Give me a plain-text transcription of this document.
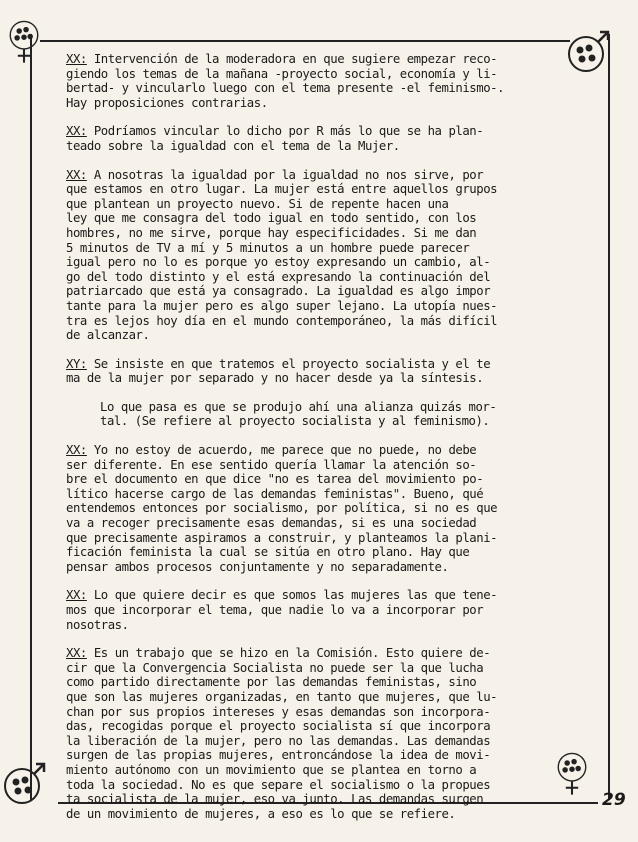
XX: Intervención de la moderadora en que sugiere empezar reco-
giendo los temas de la mañana -proyecto social, economía y li-
bertad- y vincularlo luego con el tema presente -el feminismo-.
Hay proposiciones contrarias.
XX: Podríamos vincular lo dicho por R más lo que se ha plan-
teado sobre la igualdad con el tema de la Mujer.
XX: A nosotras la igualdad por la igualdad no nos sirve, por
que estamos en otro lugar. La mujer está entre aquellos grupos
que plantean un proyecto nuevo. Si de repente hacen una
ley que me consagra del todo igual en todo sentido, con los
hombres, no me sirve, porque hay especificidades. Si me dan
5 minutos de TV a mí y 5 minutos a un hombre puede parecer
igual pero no lo es porque yo estoy expresando un cambio, al-
go del todo distinto y el está expresando la continuación del
patriarcado que está ya consagrado. La igualdad es algo impor
tante para la mujer pero es algo super lejano. La utopía nues-
tra es lejos hoy día en el mundo contemporáneo, la más difícil
de alcanzar.
XY: Se insiste en que tratemos el proyecto socialista y el te
ma de la mujer por separado y no hacer desde ya la síntesis.
Lo que pasa es que se produjo ahí una alianza quizás mor-
tal. (Se refiere al proyecto socialista y al feminismo).
XX: Yo no estoy de acuerdo, me parece que no puede, no debe
ser diferente. En ese sentido quería llamar la atención so-
bre el documento en que dice "no es tarea del movimiento po-
lítico hacerse cargo de las demandas feministas". Bueno, qué
entendemos entonces por socialismo, por política, si no es que
va a recoger precisamente esas demandas, si es una sociedad
que precisamente aspiramos a construir, y planteamos la plani-
ficación feminista la cual se sitúa en otro plano. Hay que
pensar ambos procesos conjuntamente y no separadamente.
XX: Lo que quiere decir es que somos las mujeres las que tene-
mos que incorporar el tema, que nadie lo va a incorporar por
nosotras.
XX: Es un trabajo que se hizo en la Comisión. Esto quiere de-
cir que la Convergencia Socialista no puede ser la que lucha
como partido directamente por las demandas feministas, sino
que son las mujeres organizadas, en tanto que mujeres, que lu-
chan por sus propios intereses y esas demandas son incorpora-
das, recogidas porque el proyecto socialista sí que incorpora
la liberación de la mujer, pero no las demandas. Las demandas
surgen de las propias mujeres, entroncándose la idea de movi-
miento autónomo con un movimiento que se plantea en torno a
toda la sociedad. No es que separe el socialismo o la propues
ta socialista de la mujer, eso va junto. Las demandas surgen
de un movimiento de mujeres, a eso es lo que se refiere.
29
